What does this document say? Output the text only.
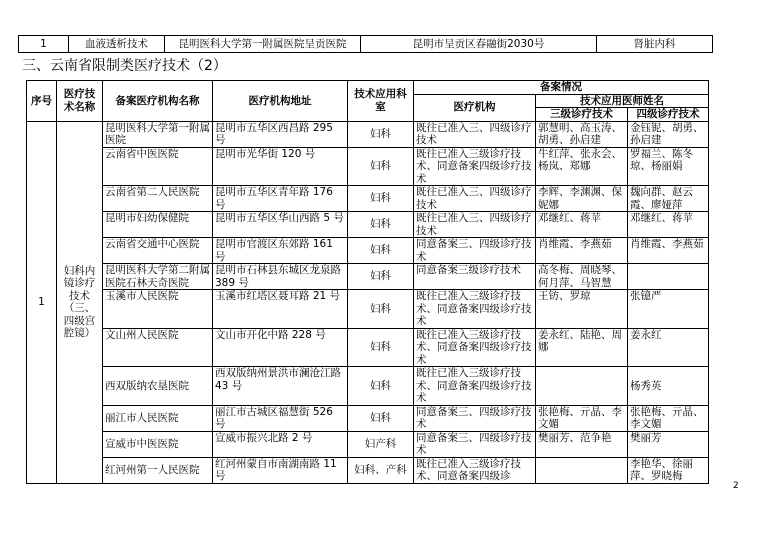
1	血液透析技术	昆明医科大学第一附属医院呈贡医院	昆明市呈贡区春融街2030号	肾脏内科
三、云南省限制类医疗技术（2）
序号	医疗技术名称	备案医疗机构名称	医疗机构地址	技术应用科室	备案情况		
					医疗机构	技术应用医师姓名	
						三级诊疗技术	四级诊疗技术
1	妇科内镜诊疗技术（三、四级宫腔镜）	昆明医科大学第一附属医院	昆明市五华区西昌路 295 号	妇科	既往已准入三、四级诊疗技术	郭慧明、高玉涛、胡勇、孙启建	金钰铌、胡勇、孙启建
		云南省中医医院	昆明市光华街 120 号	妇科	既往已准入三级诊疗技术、同意备案四级诊疗技术	牛红萍、张永会、杨岚、郑娜	罗福兰、陈冬琼、杨丽娟
		云南省第二人民医院	昆明市五华区青年路 176 号	妇科	既往已准入三、四级诊疗技术	李辉、李渊渊、保妮娜	魏向群、赵云霞、廖娅萍
		昆明市妇幼保健院	昆明市五华区华山西路 5 号	妇科	既往已准入三、四级诊疗技术	邓继红、蒋苹	邓继红、蒋苹
		云南省交通中心医院	昆明市官渡区东郊路 161 号	妇科	同意备案三、四级诊疗技术	肖维霞、李燕茹	肖维霞、李燕茹
		昆明医科大学第二附属医院石林天奇医院	昆明市石林县东城区龙泉路 389 号	妇科	同意备案三级诊疗技术	高冬梅、周晓琴、何月萍、马智慧	
		玉溪市人民医院	玉溪市红塔区聂耳路 21 号	妇科	既往已准入三级诊疗技术、同意备案四级诊疗技术	王钫、罗琼	张镱严
		文山州人民医院	文山市开化中路 228 号	妇科	既往已准入三级诊疗技术、同意备案四级诊疗技术	姜永红、陆艳、周娜	姜永红
		西双版纳农垦医院	西双版纳州景洪市澜沧江路 43 号	妇科	既往已准入三级诊疗技术、同意备案四级诊疗技术		杨秀英
		丽江市人民医院	丽江市古城区福慧街 526 号	妇科	同意备案三、四级诊疗技术	张艳梅、亓晶、李文媚	张艳梅、亓晶、李文媚
		宣威市中医医院	宣威市振兴北路 2 号	妇产科	同意备案三、四级诊疗技术	樊丽芳、范争艳	樊丽芳
		红河州第一人民医院	红河州蒙自市南湖南路 11 号	妇科、产科	既往已准入三级诊疗技术、同意备案四级诊		李艳华、徐丽萍、罗晓梅
2
